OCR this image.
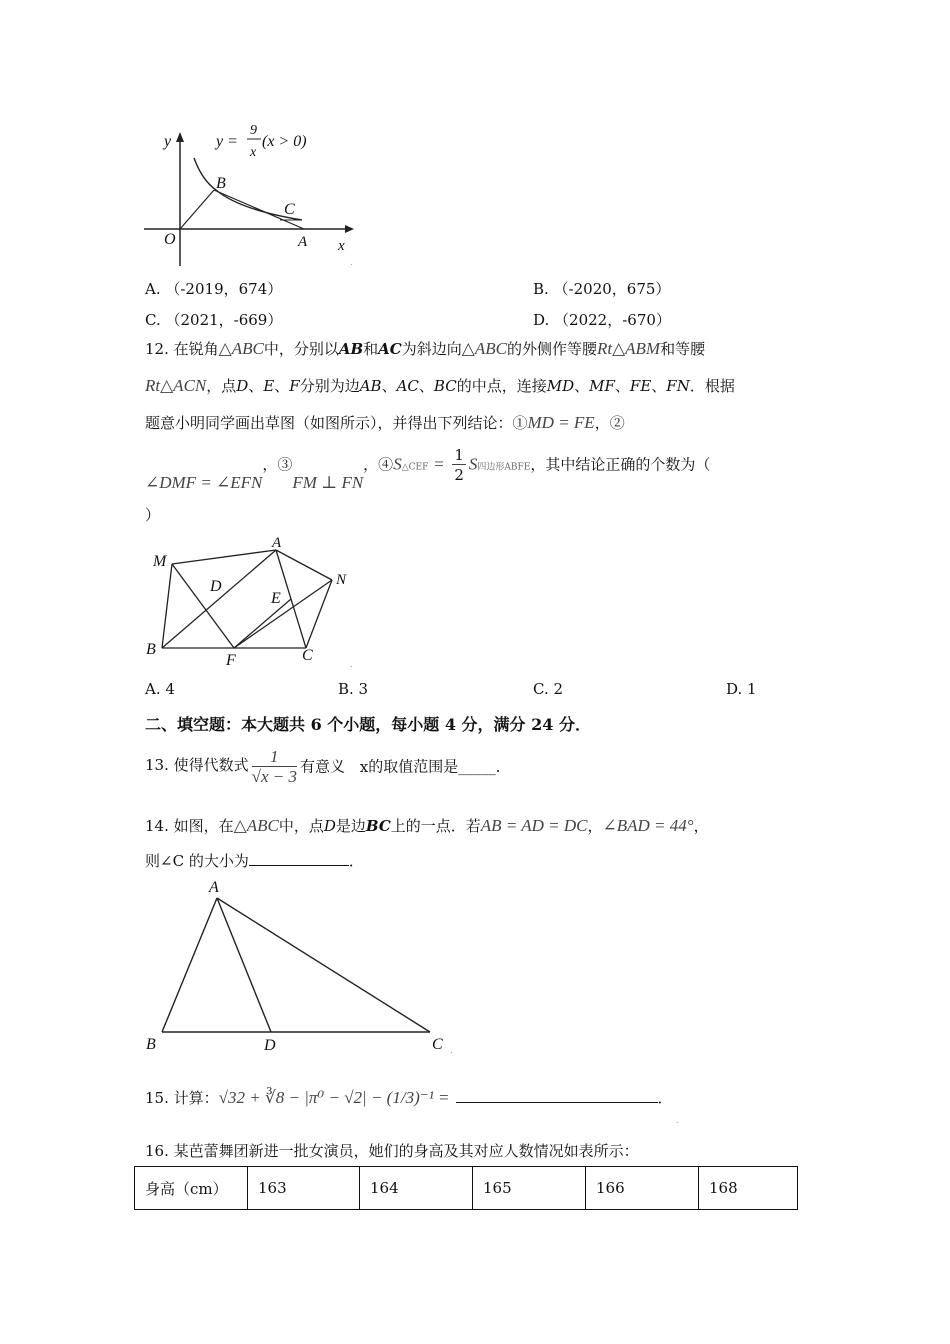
y
x
O	A
B
C
y =
9
x
(x > 0)
.
A. （-2019，674）	B. （-2020，675）
C. （2021，-669）	D. （2022，-670）
12. 在锐角△ABC中，分别以AB和AC为斜边向△ABC的外侧作等腰Rt△ABM和等腰
Rt△ACN，点D、E、F分别为边AB、AC、BC的中点，连接MD、MF、FE、FN．根据
题意小明同学画出草图（如图所示），并得出下列结论：①MD = FE，②
∠DMF = ∠EFN，③FM ⊥ FN，④S△CEF = $\frac{1}{2}$ S四边形ABFE，其中结论正确的个数为（
）
M
A
N
B
F	C
D
E
.
A. 4	B. 3	C. 2	D. 1
二、填空题：本大题共 6 个小题，每小题 4 分，满分 24 分．
13. 使得代数式 $\frac{1}{√x - 3}$ 有意义 x的取值范围是_____．
14. 如图，在△ABC中，点D是边BC上的一点．若AB = AD = DC，∠BAD = 44°，
则∠C 的大小为	．
A
B	D	C .
15. 计算：√32 + ∛8 − |π⁰ − √2| − (1/3)⁻¹ =	．
.
16. 某芭蕾舞团新进一批女演员，她们的身高及其对应人数情况如表所示：
身高（cm）	163	164	165	166	168
